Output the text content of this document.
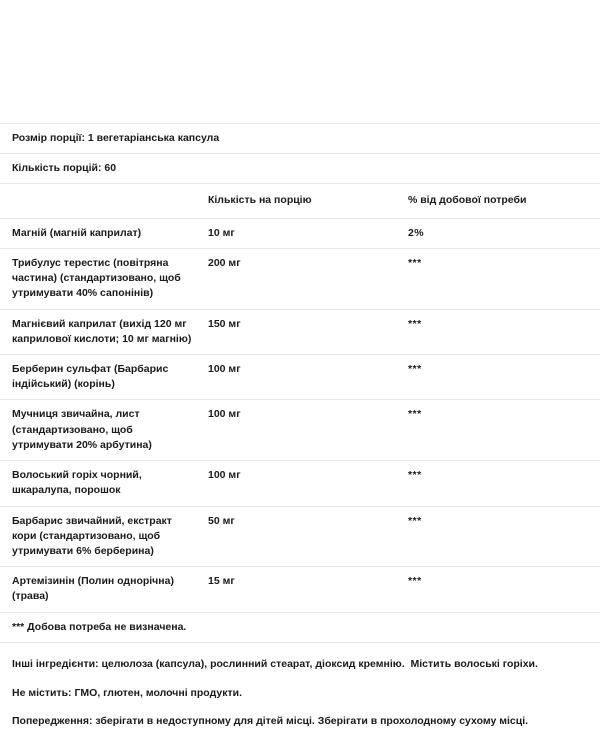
Розмір порції: 1 вегетаріанська капсула		
Кількість порцій: 60		
	Кількість на порцію	% від добової потреби
Магній (магній каприлат)	10 мг	2%
Трибулус терестис (повітряна частина) (стандартизовано, щоб утримувати 40% сапонінів)	200 мг	***
Магнієвий каприлат (вихід 120 мг каприлової кислоти; 10 мг магнію)	150 мг	***
Берберин сульфат (Барбарис індійський) (корінь)	100 мг	***
Мучниця звичайна, лист (стандартизовано, щоб утримувати 20% арбутина)	100 мг	***
Волоський горіх чорний, шкаралупа, порошок	100 мг	***
Барбарис звичайний, екстракт кори (стандартизовано, щоб утримувати 6% берберина)	50 мг	***
Артемізинін (Полин однорічна) (трава)	15 мг	***
*** Добова потреба не визначена.		

Інші інгредієнти: целюлоза (капсула), рослинний стеарат, діоксид кремнію.  Містить волоські горіхи.

Не містить: ГМО, глютен, молочні продукти.

Попередження: зберігати в недоступному для дітей місці. Зберігати в прохолодному сухому місці.
